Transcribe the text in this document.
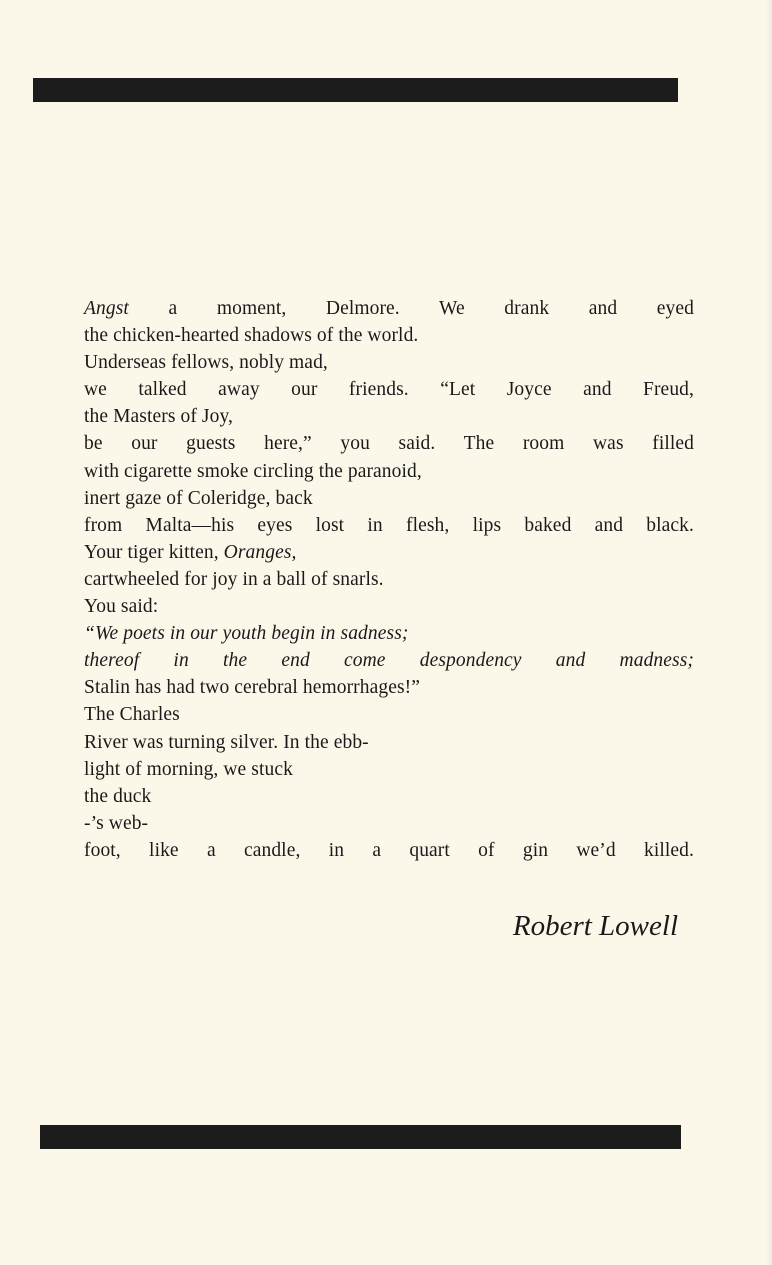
Angst a moment, Delmore. We drank and eyed
the chicken-hearted shadows of the world.
Underseas fellows, nobly mad,
we talked away our friends. “Let Joyce and Freud,
the Masters of Joy,
be our guests here,” you said. The room was filled
with cigarette smoke circling the paranoid,
inert gaze of Coleridge, back
from Malta—his eyes lost in flesh, lips baked and black.
Your tiger kitten, Oranges,
cartwheeled for joy in a ball of snarls.
You said:
“We poets in our youth begin in sadness;
thereof in the end come despondency and madness;
Stalin has had two cerebral hemorrhages!”
The Charles
River was turning silver. In the ebb-
light of morning, we stuck
the duck
-’s web-
foot, like a candle, in a quart of gin we’d killed.
Robert Lowell
